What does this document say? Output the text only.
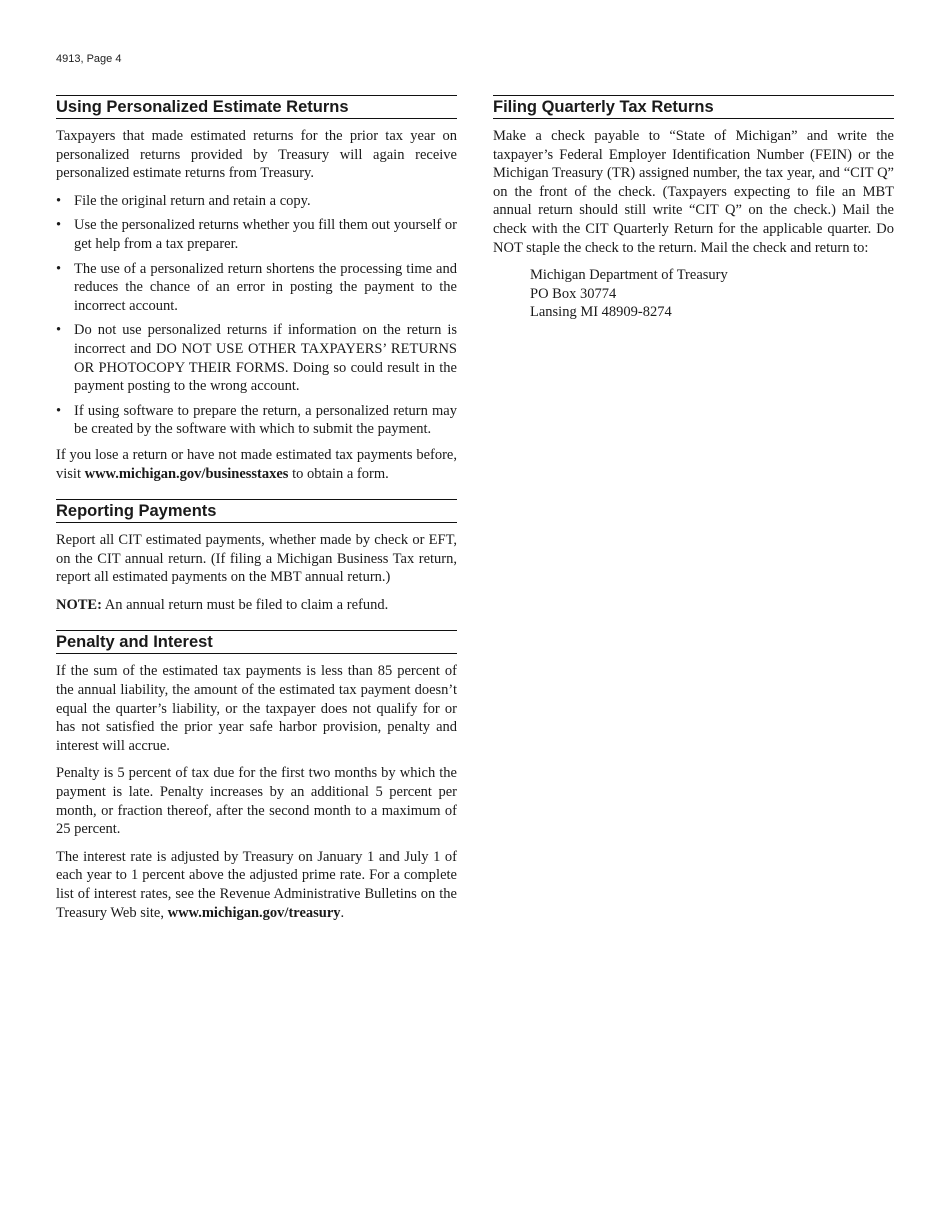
4913, Page 4
Using Personalized Estimate Returns

Taxpayers that made estimated returns for the prior tax year on personalized returns provided by Treasury will again receive personalized estimate returns from Treasury.

• File the original return and retain a copy.
• Use the personalized returns whether you fill them out yourself or get help from a tax preparer.
• The use of a personalized return shortens the processing time and reduces the chance of an error in posting the payment to the incorrect account.
• Do not use personalized returns if information on the return is incorrect and DO NOT USE OTHER TAXPAYERS’ RETURNS OR PHOTOCOPY THEIR FORMS. Doing so could result in the payment posting to the wrong account.
• If using software to prepare the return, a personalized return may be created by the software with which to submit the payment.

If you lose a return or have not made estimated tax payments before, visit www.michigan.gov/businesstaxes to obtain a form.

Reporting Payments

Report all CIT estimated payments, whether made by check or EFT, on the CIT annual return. (If filing a Michigan Business Tax return, report all estimated payments on the MBT annual return.)

NOTE: An annual return must be filed to claim a refund.

Penalty and Interest

If the sum of the estimated tax payments is less than 85 percent of the annual liability, the amount of the estimated tax payment doesn’t equal the quarter’s liability, or the taxpayer does not qualify for or has not satisfied the prior year safe harbor provision, penalty and interest will accrue.

Penalty is 5 percent of tax due for the first two months by which the payment is late. Penalty increases by an additional 5 percent per month, or fraction thereof, after the second month to a maximum of 25 percent.

The interest rate is adjusted by Treasury on January 1 and July 1 of each year to 1 percent above the adjusted prime rate. For a complete list of interest rates, see the Revenue Administrative Bulletins on the Treasury Web site, www.michigan.gov/treasury.

Filing Quarterly Tax Returns

Make a check payable to “State of Michigan” and write the taxpayer’s Federal Employer Identification Number (FEIN) or the Michigan Treasury (TR) assigned number, the tax year, and “CIT Q” on the front of the check. (Taxpayers expecting to file an MBT annual return should still write “CIT Q” on the check.) Mail the check with the CIT Quarterly Return for the applicable quarter. Do NOT staple the check to the return. Mail the check and return to:

Michigan Department of Treasury
PO Box 30774
Lansing MI 48909-8274
